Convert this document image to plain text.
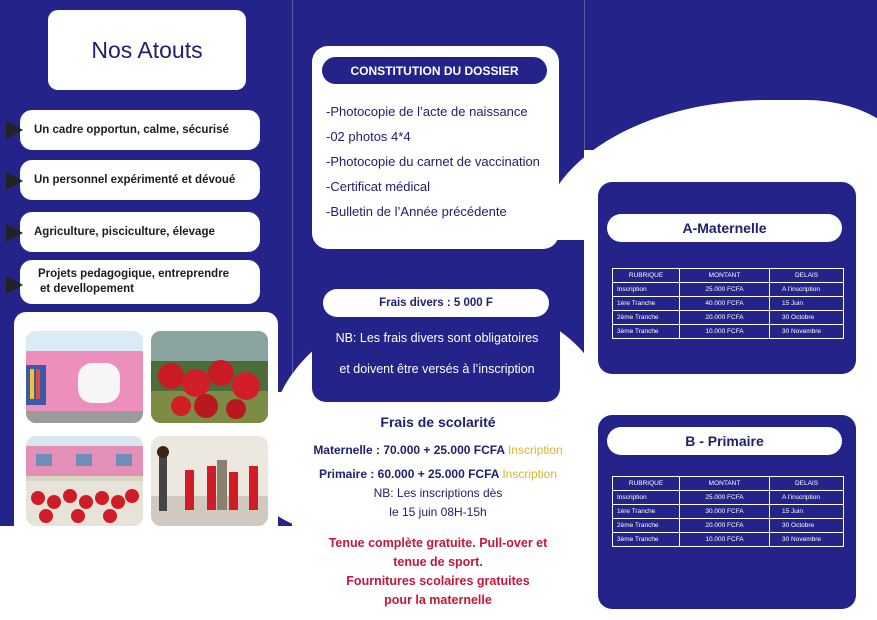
Nos Atouts
Un cadre opportun, calme, sécurisé
Un personnel expérimenté et dévoué
Agriculture, pisciculture, élevage
Projets pedagogique, entreprendre
et devellopement
CONSTITUTION DU DOSSIER
-Photocopie de l’acte de naissance
-02 photos 4*4
-Photocopie du carnet de vaccination
-Certificat médical
-Bulletin de l’Année précédente
Frais divers : 5 000 F
NB: Les frais divers sont obligatoires
et doivent être versés à l’inscription
Frais de scolarité
Maternelle : 70.000 + 25.000 FCFA Inscription
Primaire : 60.000 + 25.000 FCFA Inscription
NB: Les inscriptions dès
le 15 juin 08H-15h
Tenue complète gratuite. Pull-over et
tenue de sport.
Fournitures scolaires gratuites
pour la maternelle
A-Maternelle
RUBRIQUE	MONTANT	DELAIS
Inscription	25.000 FCFA	A l’inscription
1ère Tranche	40.000 FCFA	15 Juin
2ème Tranche	20.000 FCFA	30 Octobre
3ème Tranche	10.000 FCFA	30 Novembre
B - Primaire
RUBRIQUE	MONTANT	DELAIS
Inscription	25.000 FCFA	A l’inscription
1ère Tranche	30.000 FCFA	15 Juin
2ème Tranche	20.000 FCFA	30 Octobre
3ème Tranche	10.000 FCFA	30 Novembre
